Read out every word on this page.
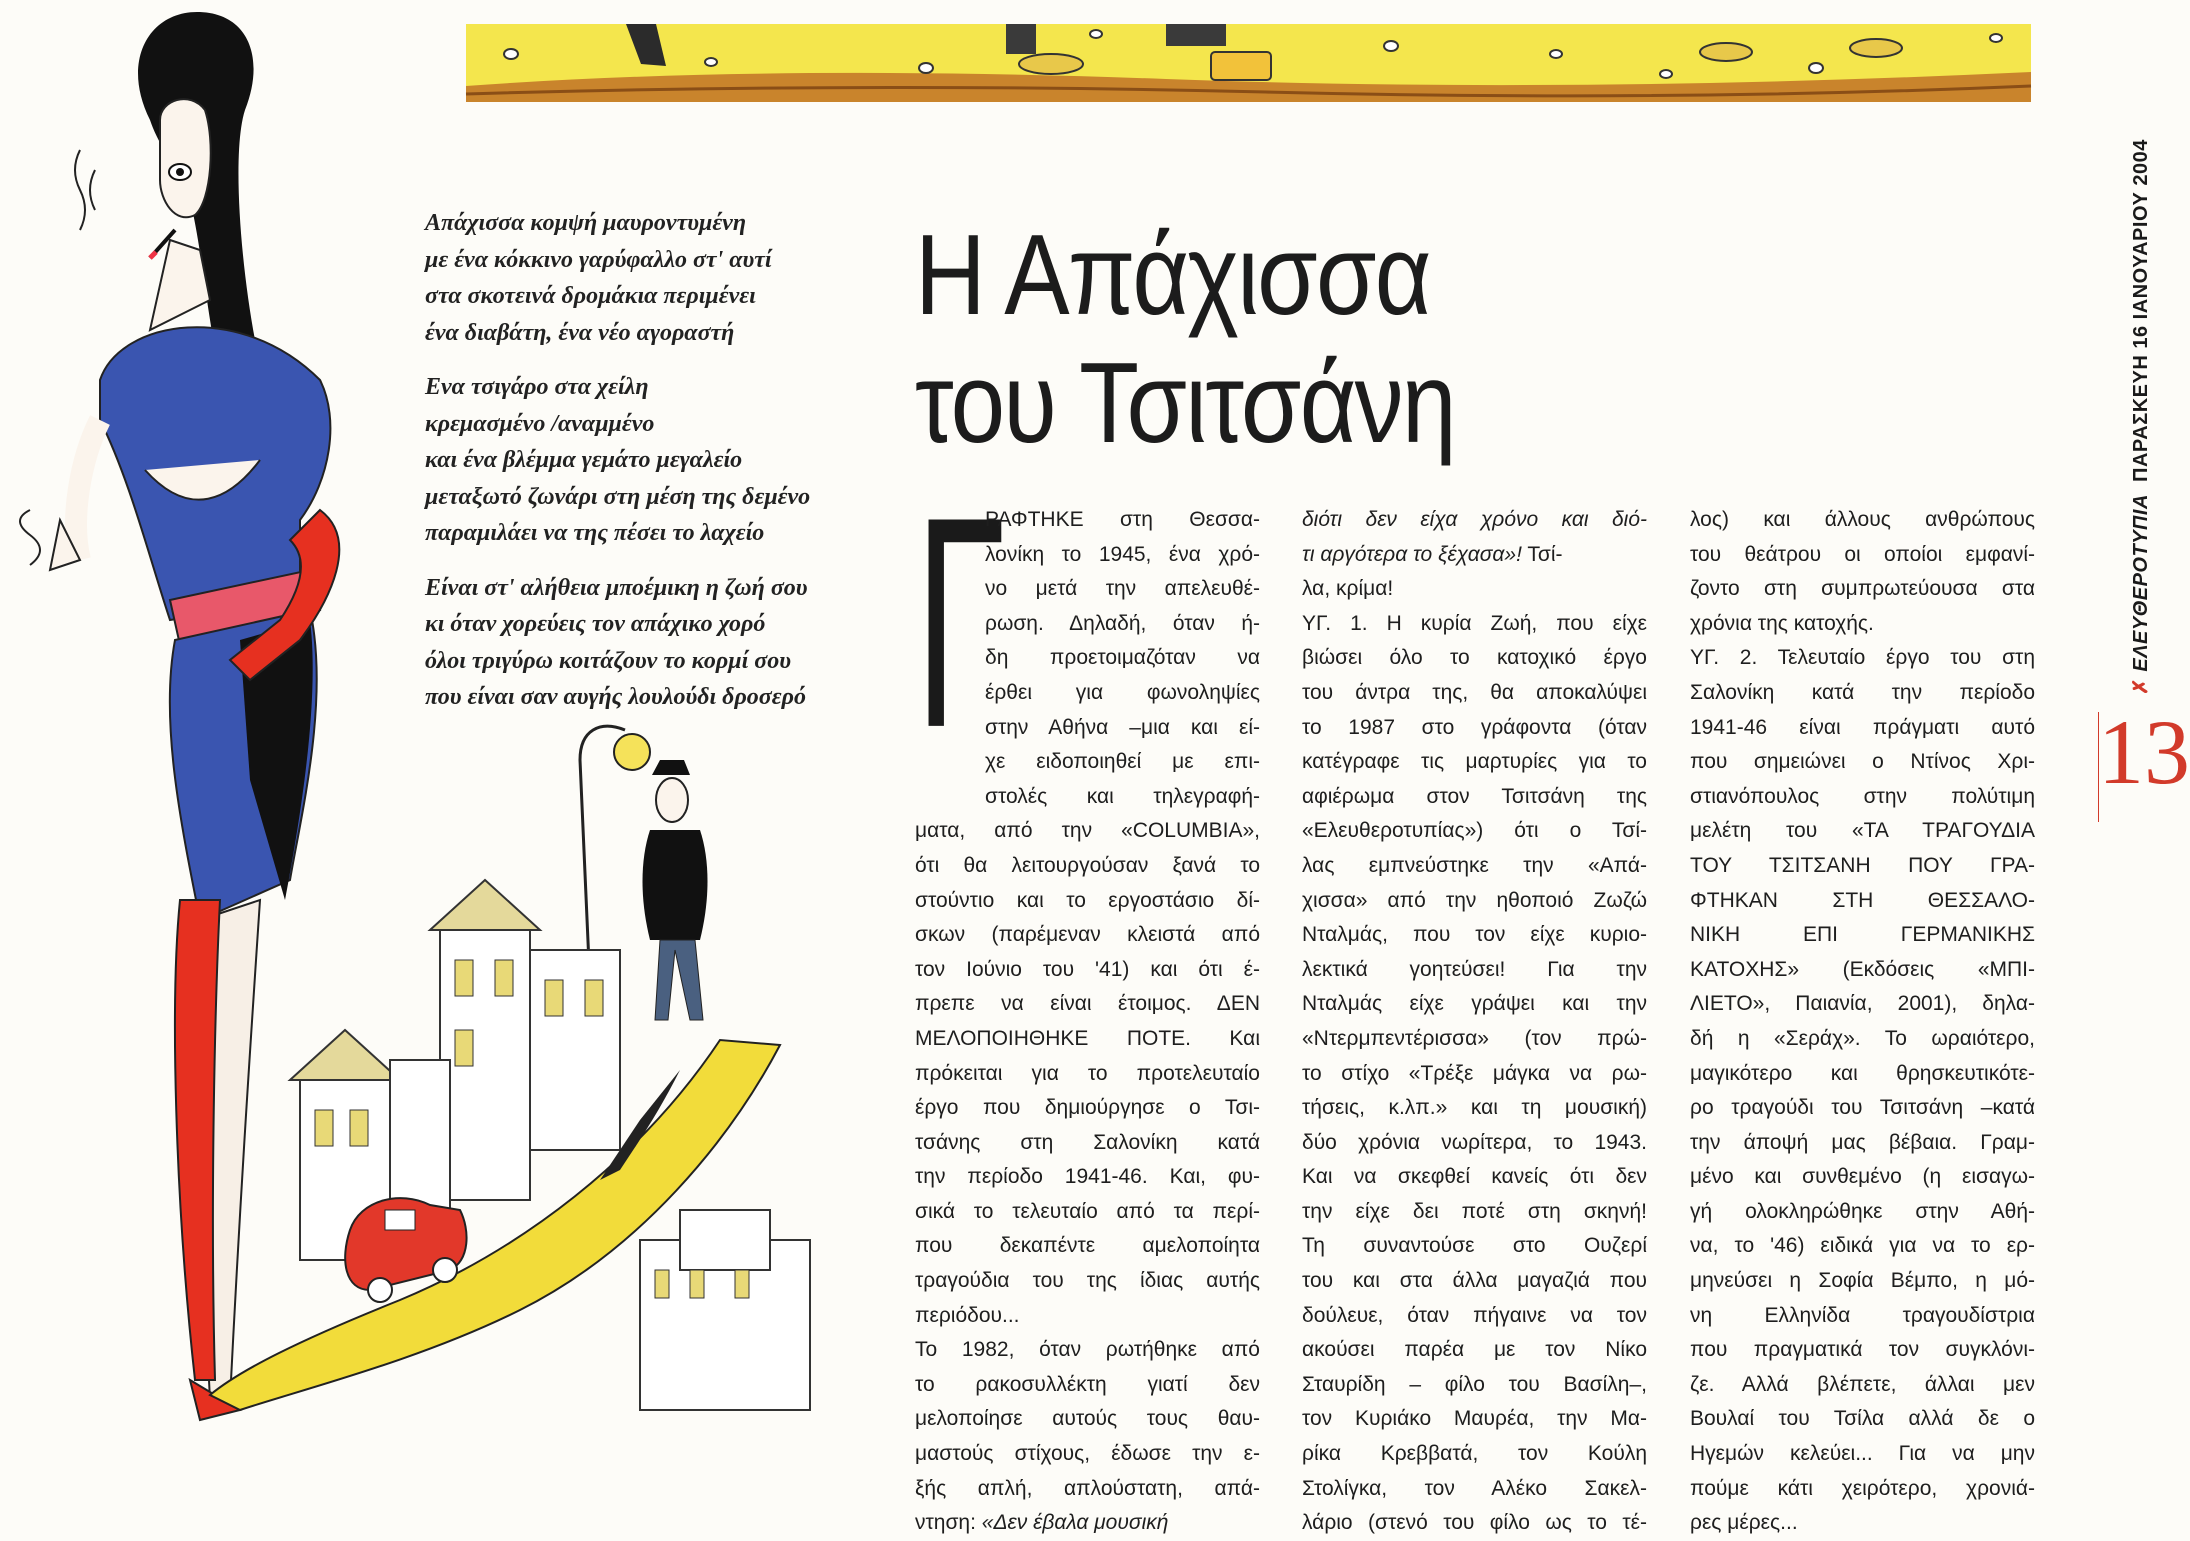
Απάχισσα κομψή μαυροντυμένη
με ένα κόκκινο γαρύφαλλο στ' αυτί
στα σκοτεινά δρομάκια περιμένει
ένα διαβάτη, ένα νέο αγοραστή

Ενα τσιγάρο στα χείλη
κρεμασμένο /αναμμένο
και ένα βλέμμα γεμάτο μεγαλείο
μεταξωτό ζωνάρι στη μέση της δεμένο
παραμιλάει να της πέσει το λαχείο

Είναι στ' αλήθεια μποέμικη η ζωή σου
κι όταν χορεύεις τον απάχικο χορό
όλοι τριγύρω κοιτάζουν το κορμί σου
που είναι σαν αυγής λουλούδι δροσερό

Η Απάχισσα
του Τσιτσάνη
Γ
ΡΑΦΤΗΚΕ στη Θεσσα-
λονίκη το 1945, ένα χρό-
νο μετά την απελευθέ-
ρωση. Δηλαδή, όταν ή-
δη προετοιμαζόταν να
έρθει για φωνοληψίες
στην Αθήνα –μια και εί-
χε ειδοποιηθεί με επι-
στολές και τηλεγραφή-
ματα, από την «COLUMBIA»,
ότι θα λειτουργούσαν ξανά το
στούντιο και το εργοστάσιο δί-
σκων (παρέμεναν κλειστά από
τον Ιούνιο του '41) και ότι έ-
πρεπε να είναι έτοιμος. ΔΕΝ
ΜΕΛΟΠΟΙΗΘΗΚΕ ΠΟΤΕ. Και
πρόκειται για το προτελευταίο
έργο που δημιούργησε ο Τσι-
τσάνης στη Σαλονίκη κατά
την περίοδο 1941-46. Και, φυ-
σικά το τελευταίο από τα περί-
που δεκαπέντε αμελοποίητα
τραγούδια του της ίδιας αυτής
περιόδου...
Το 1982, όταν ρωτήθηκε από
το ρακοσυλλέκτη γιατί δεν
μελοποίησε αυτούς τους θαυ-
μαστούς στίχους, έδωσε την ε-
ξής απλή, απλούστατη, απά-
ντηση: «Δεν έβαλα μουσική
διότι δεν είχα χρόνο και διό-
τι αργότερα το ξέχασα»! Τσί-
λα, κρίμα!
ΥΓ. 1. Η κυρία Ζωή, που είχε
βιώσει όλο το κατοχικό έργο
του άντρα της, θα αποκαλύψει
το 1987 στο γράφοντα (όταν
κατέγραφε τις μαρτυρίες για το
αφιέρωμα στον Τσιτσάνη της
«Ελευθεροτυπίας») ότι ο Τσί-
λας εμπνεύστηκε την «Απά-
χισσα» από την ηθοποιό Ζωζώ
Νταλμάς, που τον είχε κυριο-
λεκτικά γοητεύσει! Για την
Νταλμάς είχε γράψει και την
«Ντερμπεντέρισσα» (τον πρώ-
το στίχο «Τρέξε μάγκα να ρω-
τήσεις, κ.λπ.» και τη μουσική)
δύο χρόνια νωρίτερα, το 1943.
Και να σκεφθεί κανείς ότι δεν
την είχε δει ποτέ στη σκηνή!
Τη συναντούσε στο Ουζερί
του και στα άλλα μαγαζιά που
δούλευε, όταν πήγαινε να τον
ακούσει παρέα με τον Νίκο
Σταυρίδη – φίλο του Βασίλη–,
τον Κυριάκο Μαυρέα, την Μα-
ρίκα Κρεββατά, τον Κούλη
Στολίγκα, τον Αλέκο Σακελ-
λάριο (στενό του φίλο ως το τέ-
λος) και άλλους ανθρώπους
του θεάτρου οι οποίοι εμφανί-
ζοντο στη συμπρωτεύουσα στα
χρόνια της κατοχής.
ΥΓ. 2. Τελευταίο έργο του στη
Σαλονίκη κατά την περίοδο
1941-46 είναι πράγματι αυτό
που σημειώνει ο Ντίνος Χρι-
στιανόπουλος στην πολύτιμη
μελέτη του «ΤΑ ΤΡΑΓΟΥΔΙΑ
ΤΟΥ ΤΣΙΤΣΑΝΗ ΠΟΥ ΓΡΑ-
ΦΤΗΚΑΝ ΣΤΗ ΘΕΣΣΑΛΟ-
ΝΙΚΗ ΕΠΙ ΓΕΡΜΑΝΙΚΗΣ
ΚΑΤΟΧΗΣ» (Εκδόσεις «ΜΠΙ-
ΛΙΕΤΟ», Παιανία, 2001), δηλα-
δή η «Σεράχ». Το ωραιότερο,
μαγικότερο και θρησκευτικότε-
ρο τραγούδι του Τσιτσάνη –κατά
την άποψή μας βέβαια. Γραμ-
μένο και συνθεμένο (η εισαγω-
γή ολοκληρώθηκε στην Αθή-
να, το '46) ειδικά για να το ερ-
μηνεύσει η Σοφία Βέμπο, η μό-
νη Ελληνίδα τραγουδίστρια
που πραγματικά τον συγκλόνι-
ζε. Αλλά βλέπετε, άλλαι μεν
Βουλαί του Τσίλα αλλά δε ο
Ηγεμών κελεύει... Για να μην
πούμε κάτι χειρότερο, χρονιά-
ρες μέρες...
✗ ΕΛΕΥΘΕΡΟΤΥΠΙΑ  ΠΑΡΑΣΚΕΥΗ 16 ΙΑΝΟΥΑΡΙΟΥ 2004
13
